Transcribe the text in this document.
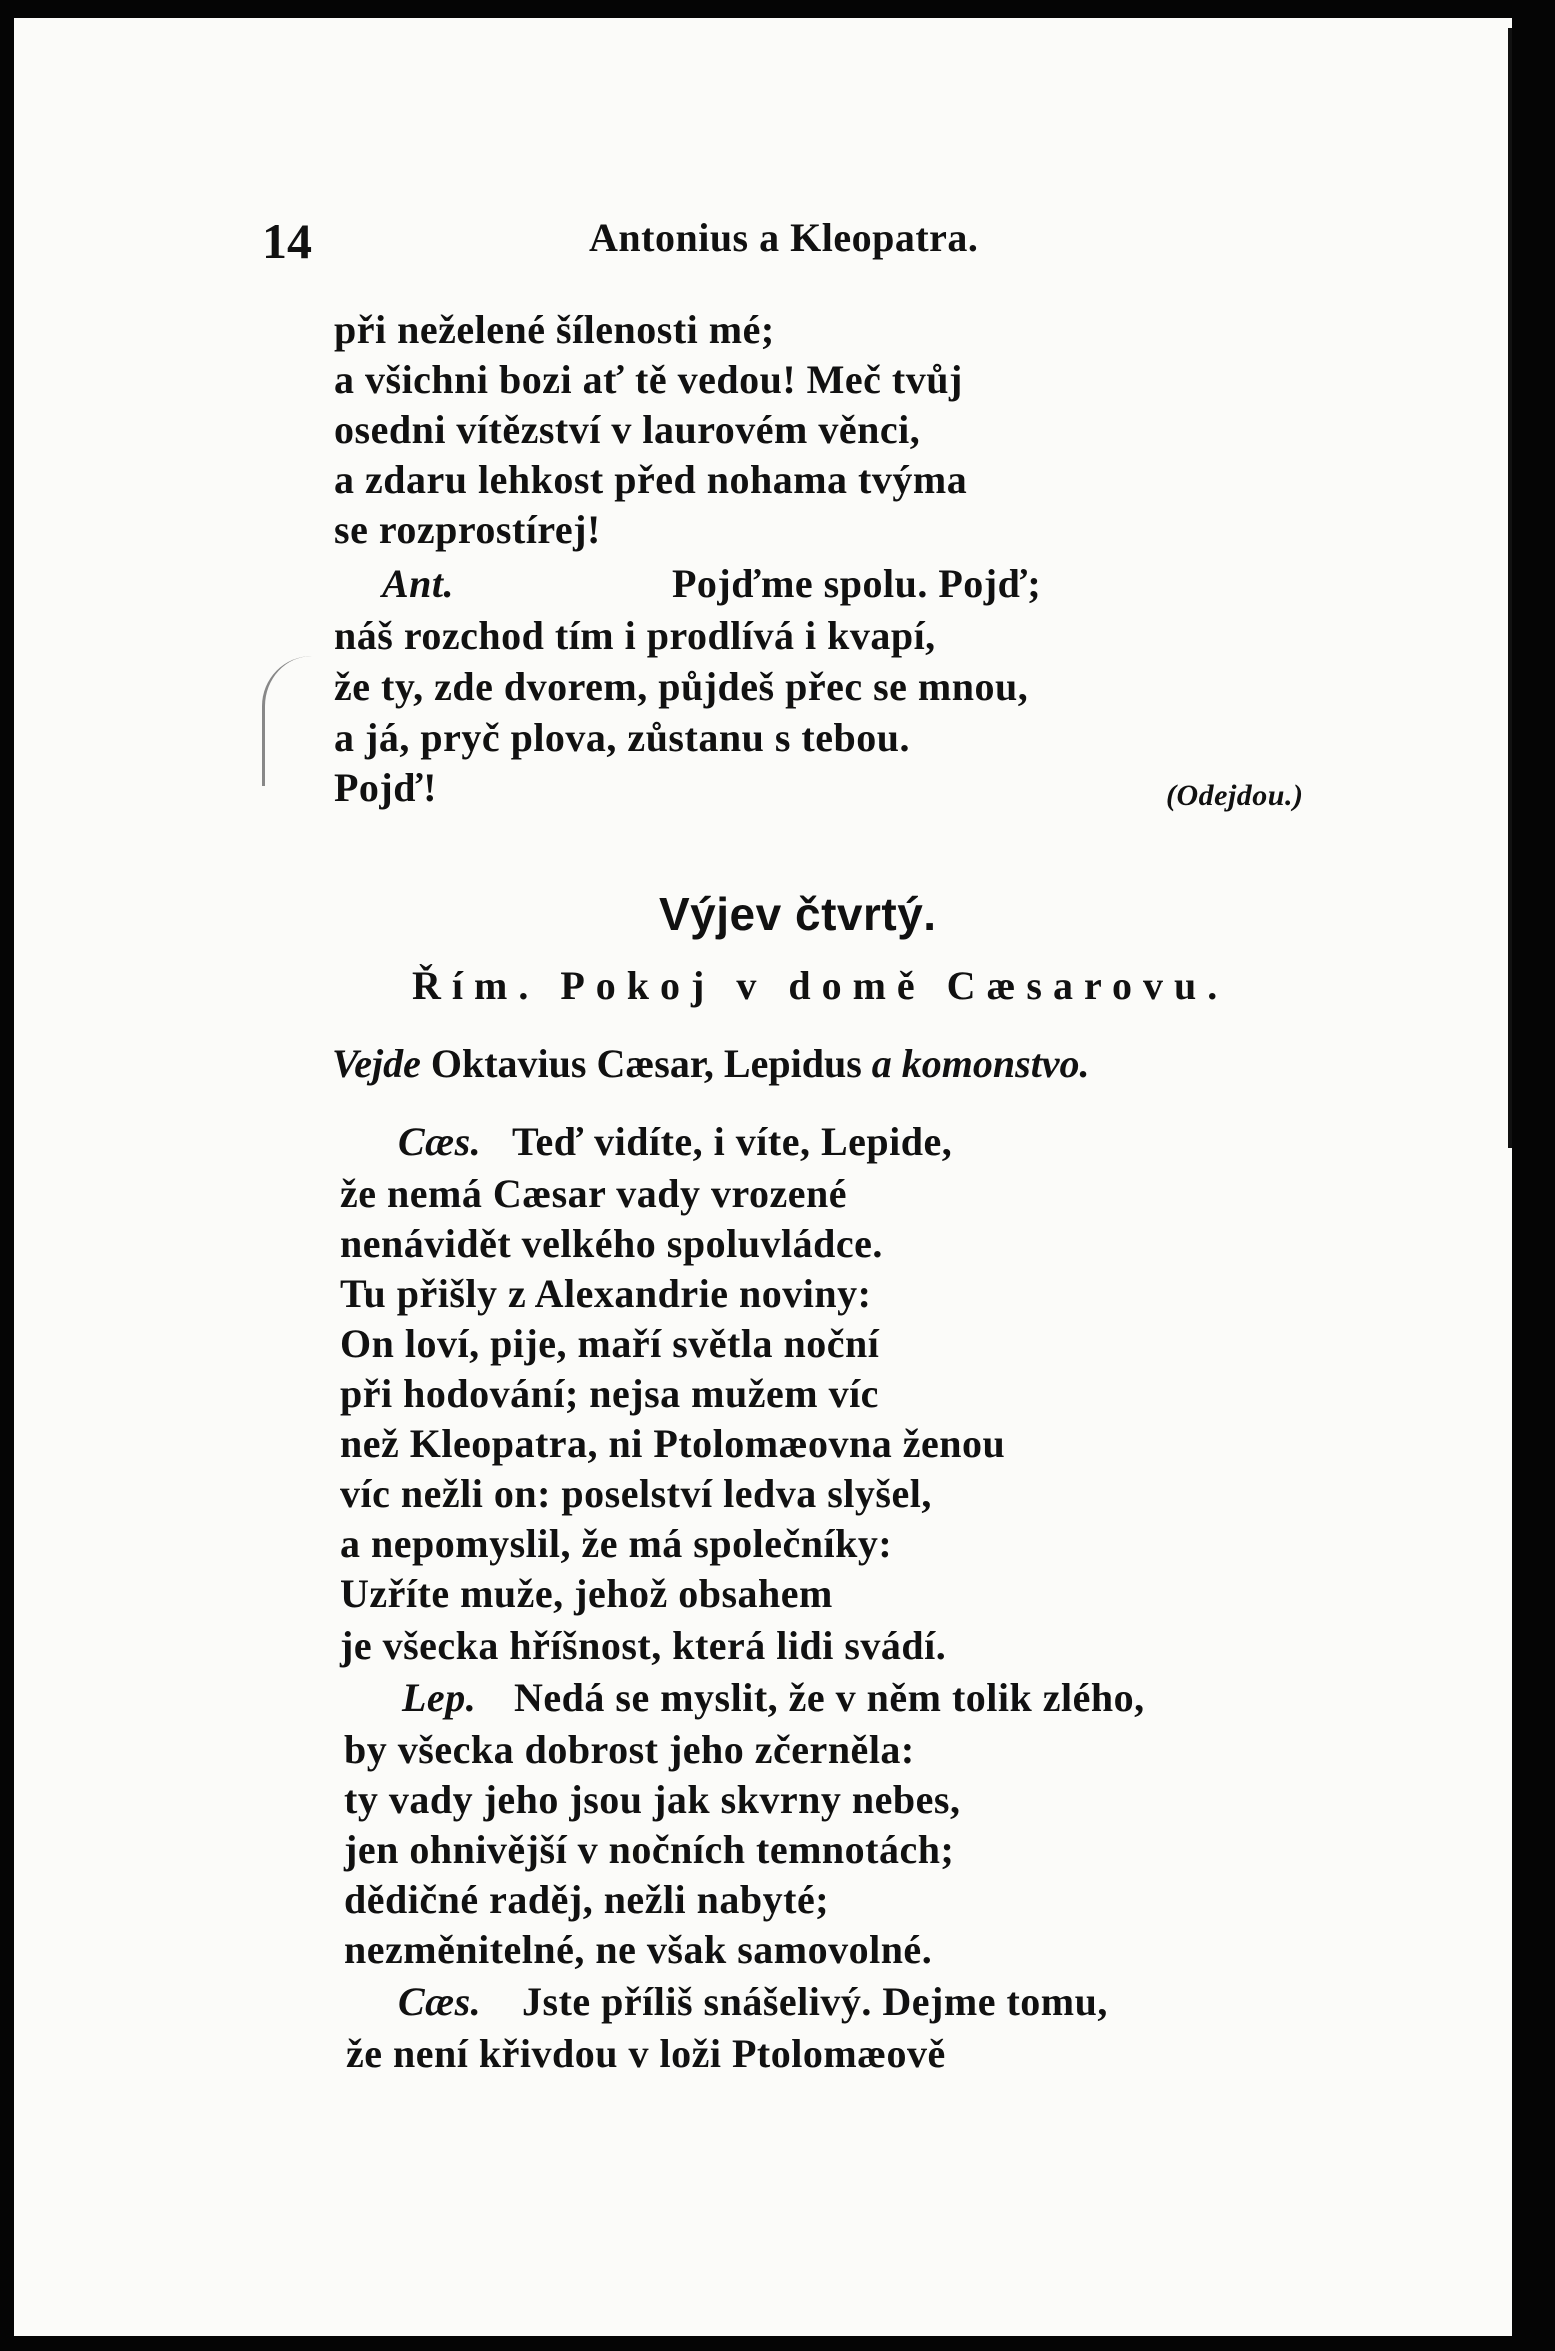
14	Antonius a Kleopatra.
při neželené šílenosti mé;
a všichni bozi ať tě vedou! Meč tvůj
osedni vítězství v laurovém věnci,
a zdaru lehkost před nohama tvýma
se rozprostírej!
Ant.	Pojďme spolu. Pojď;
náš rozchod tím i prodlívá i kvapí,
že ty, zde dvorem, půjdeš přec se mnou,
a já, pryč plova, zůstanu s tebou.
Pojď!	(Odejdou.)
Výjev čtvrtý.
Řím. Pokoj v domě Cæsarovu.
Vejde Oktavius Cæsar, Lepidus a komonstvo.
Cæs. Teď vidíte, i víte, Lepide,
že nemá Cæsar vady vrozené
nenávidět velkého spoluvládce.
Tu přišly z Alexandrie noviny:
On loví, pije, maří světla noční
při hodování; nejsa mužem víc
než Kleopatra, ni Ptolomæovna ženou
víc nežli on: poselství ledva slyšel,
a nepomyslil, že má společníky:
Uzříte muže, jehož obsahem
je všecka hříšnost, která lidi svádí.
Lep. Nedá se myslit, že v něm tolik zlého,
by všecka dobrost jeho zčerněla:
ty vady jeho jsou jak skvrny nebes,
jen ohnivější v nočních temnotách;
dědičné raděj, nežli nabyté;
nezměnitelné, ne však samovolné.
Cæs. Jste příliš snášelivý. Dejme tomu,
že není křivdou v loži Ptolomæově
